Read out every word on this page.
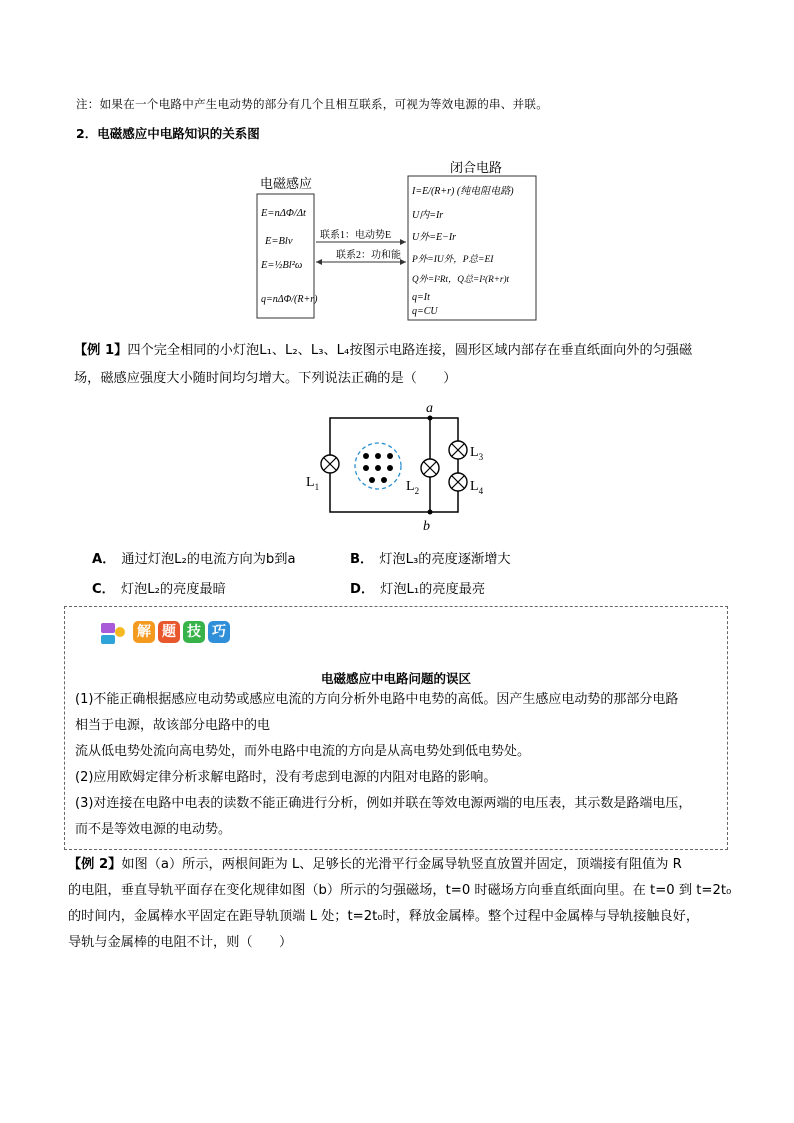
注：如果在一个电路中产生电动势的部分有几个且相互联系，可视为等效电源的串、并联。
2．电磁感应中电路知识的关系图
电磁感应
E=nΔΦ/Δt
E=Blv
E=½Bl²ω
q=nΔΦ/(R+r)
闭合电路
I=E/(R+r) (纯电阻电路)
U内=Ir
U外=E−Ir
P外=IU外，P总=EI
Q外=I²Rt，Q总=I²(R+r)t
q=It
q=CU
联系1：电动势E
联系2：功和能
【例 1】四个完全相同的小灯泡L₁、L₂、L₃、L₄按图示电路连接，圆形区域内部存在垂直纸面向外的匀强磁
场，磁感应强度大小随时间均匀增大。下列说法正确的是（　　）
a
b
$L_1$	$L_2$
$L_3$
$L_4$
A． 通过灯泡L₂的电流方向为b到a	B． 灯泡L₃的亮度逐渐增大
C． 灯泡L₂的亮度最暗	D． 灯泡L₁的亮度最亮
解 题 技 巧
电磁感应中电路问题的误区
(1)不能正确根据感应电动势或感应电流的方向分析外电路中电势的高低。因产生感应电动势的那部分电路
相当于电源，故该部分电路中的电
流从低电势处流向高电势处，而外电路中电流的方向是从高电势处到低电势处。
(2)应用欧姆定律分析求解电路时，没有考虑到电源的内阻对电路的影响。
(3)对连接在电路中电表的读数不能正确进行分析，例如并联在等效电源两端的电压表，其示数是路端电压，
而不是等效电源的电动势。
【例 2】如图（a）所示，两根间距为 L、足够长的光滑平行金属导轨竖直放置并固定，顶端接有阻值为 R
的电阻，垂直导轨平面存在变化规律如图（b）所示的匀强磁场，t=0 时磁场方向垂直纸面向里。在 t=0 到 t=2t₀
的时间内，金属棒水平固定在距导轨顶端 L 处；t=2t₀时，释放金属棒。整个过程中金属棒与导轨接触良好，
导轨与金属棒的电阻不计，则（　　）
